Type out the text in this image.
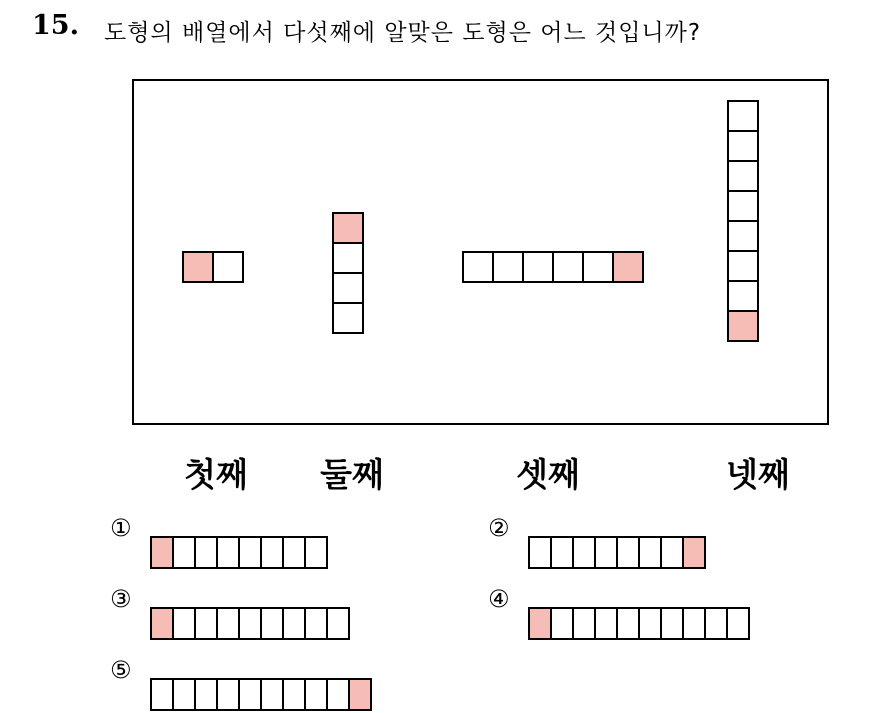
15. 도형의 배열에서 다섯째에 알맞은 도형은 어느 것입니까?
첫째 둘째	셋째	넷째
①	②
③	④
⑤
